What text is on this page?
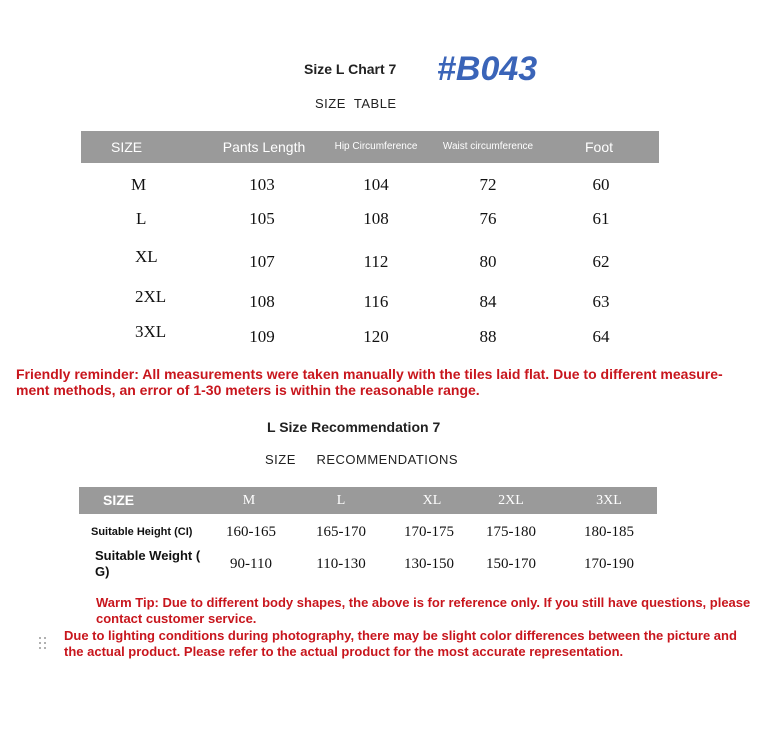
Size L Chart 7 #B043
SIZE  TABLE
SIZE	Pants Length	Hip Circumference	Waist circumference	Foot
M	103	104	72	60
L	105	108	76	61
XL	107	112	80	62
2XL	108	116	84	63
3XL	109	120	88	64
Friendly reminder: All measurements were taken manually with the tiles laid flat. Due to different measure-ment methods, an error of 1-30 meters is within the reasonable range.
L Size Recommendation 7
SIZE     RECOMMENDATIONS
SIZE	M	L	XL	2XL	3XL
Suitable Height (CI)	160-165	165-170	170-175	175-180	180-185
Suitable Weight ( G)	90-110	110-130	130-150	150-170	170-190
Warm Tip: Due to different body shapes, the above is for reference only. If you still have questions, please contact customer service.
Due to lighting conditions during photography, there may be slight color differences between the picture and the actual product. Please refer to the actual product for the most accurate representation.
